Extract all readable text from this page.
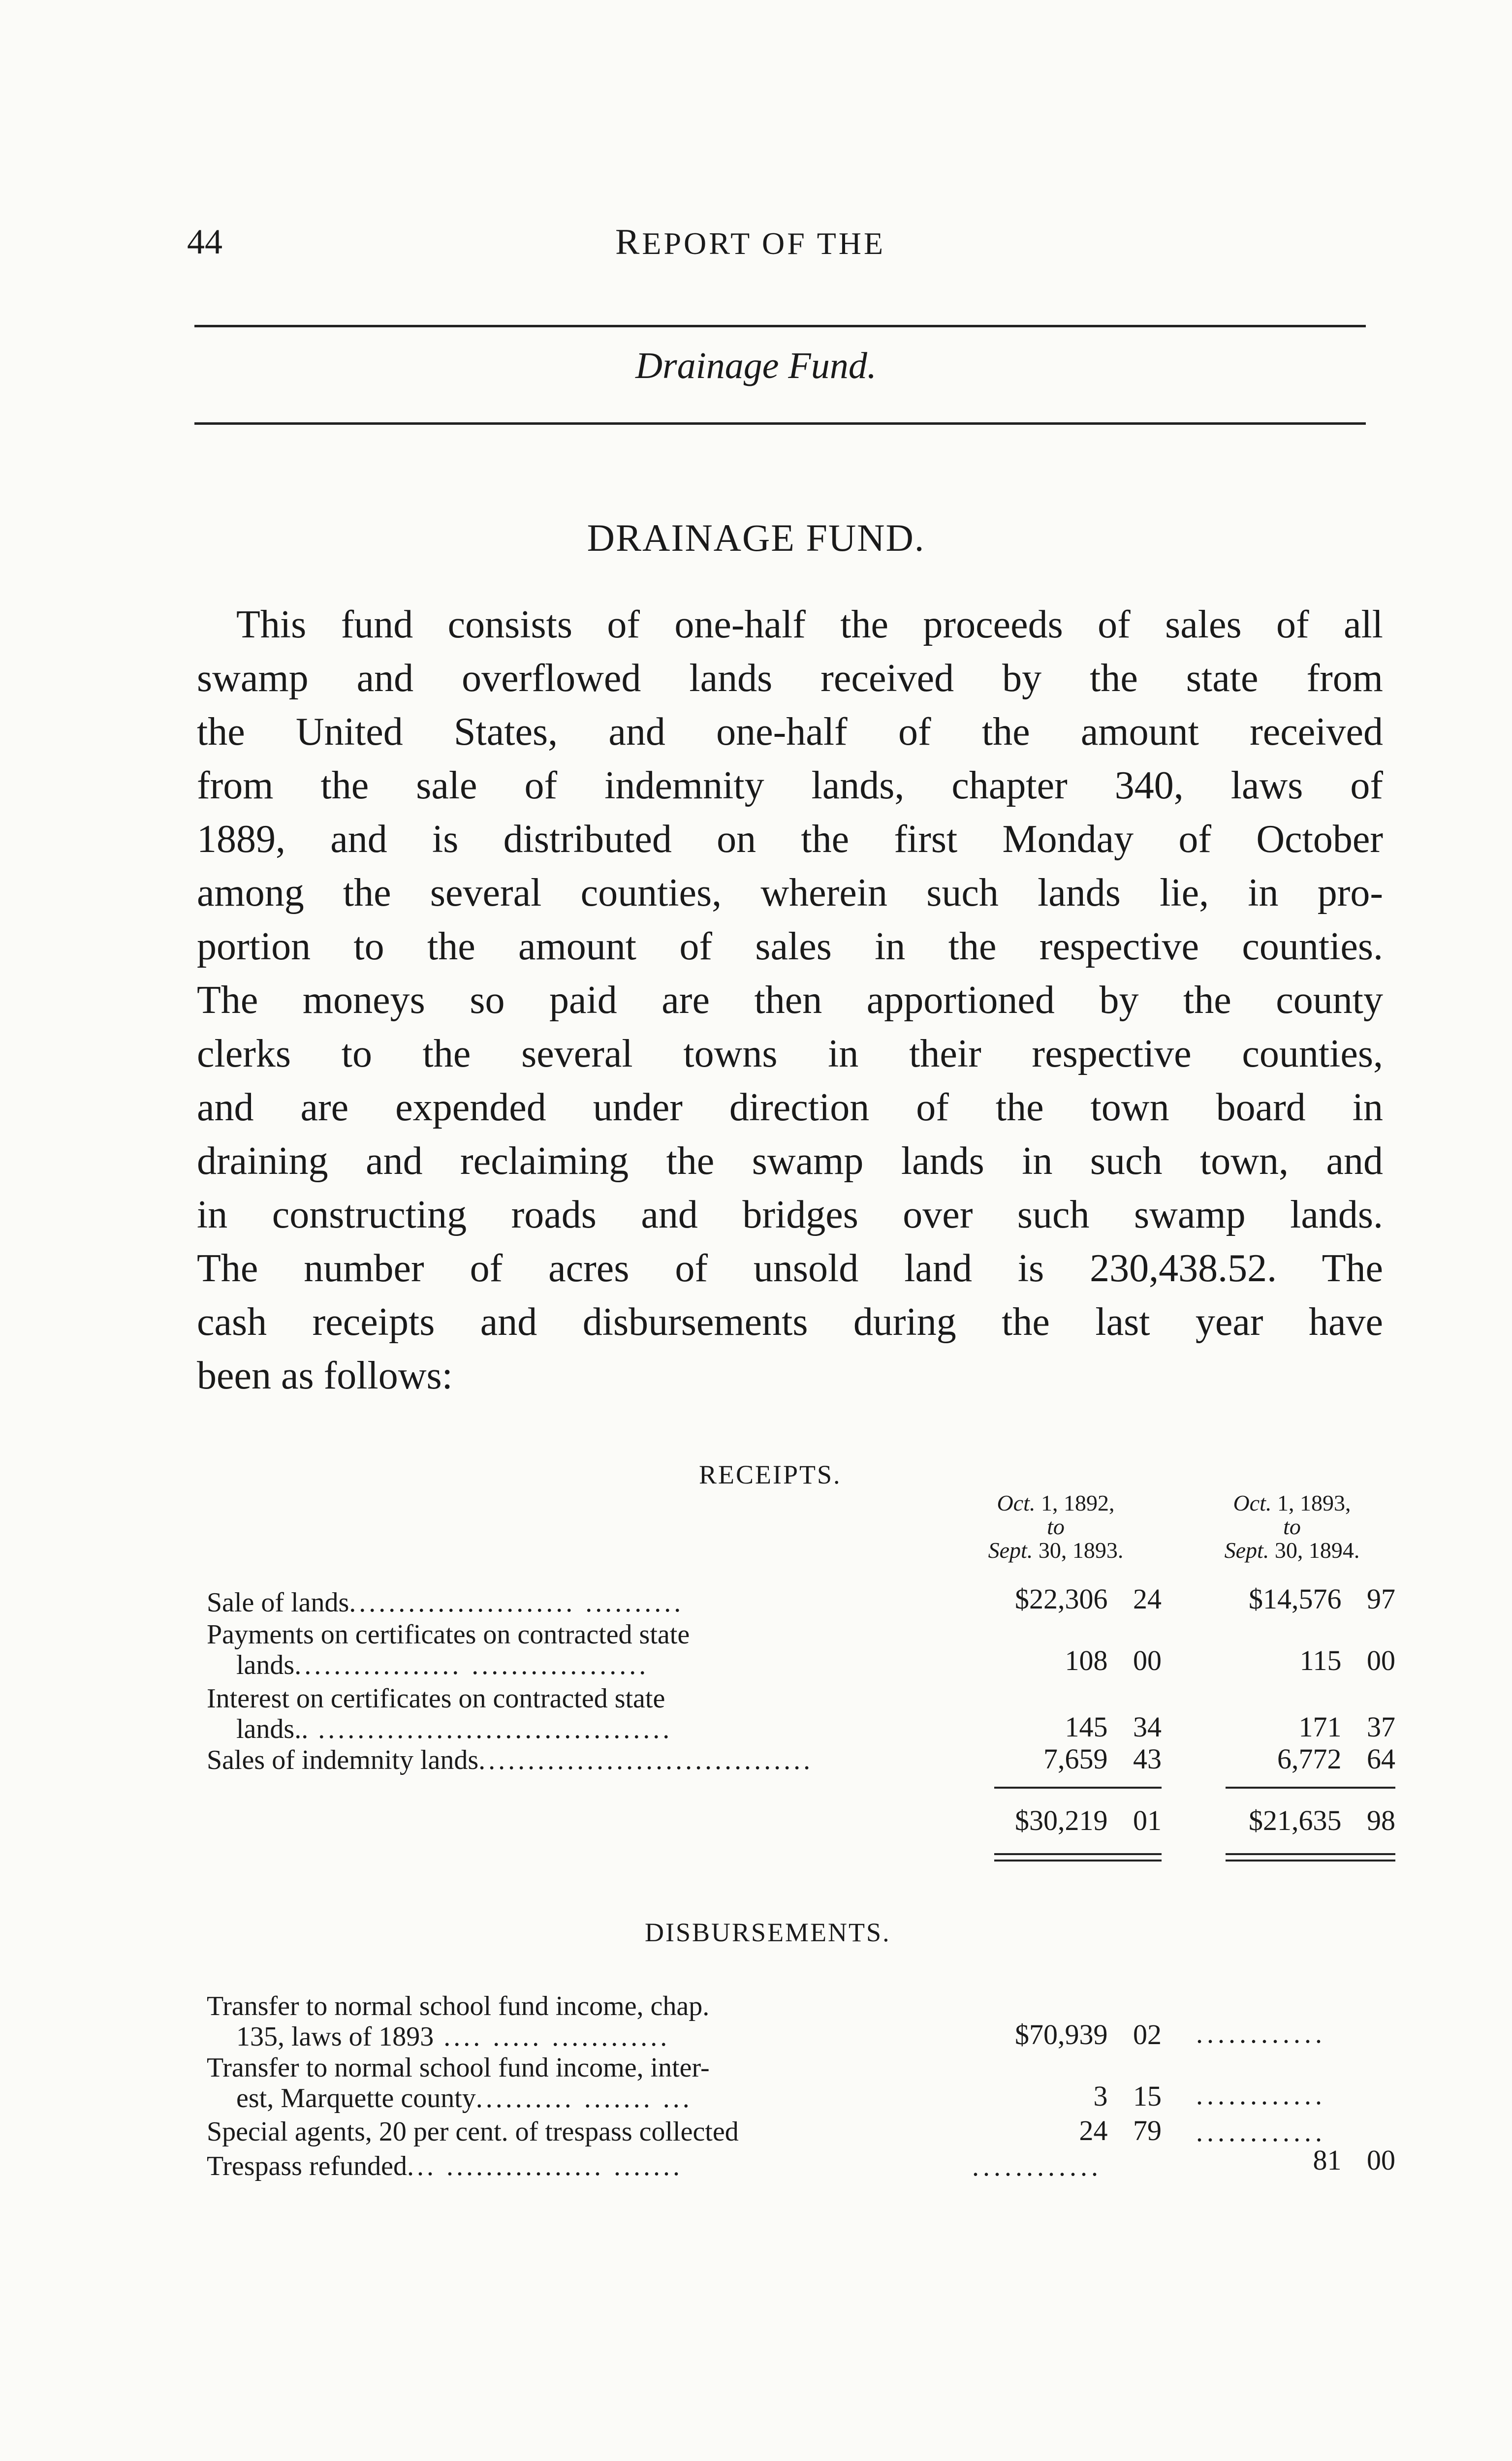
44	REPORT OF THE
Drainage Fund.
DRAINAGE FUND.
This fund consists of one-half the proceeds of sales of all
swamp and overflowed lands received by the state from
the United States, and one-half of the amount received
from the sale of indemnity lands, chapter 340, laws of
1889, and is distributed on the first Monday of October
among the several counties, wherein such lands lie, in pro-
portion to the amount of sales in the respective counties.
The moneys so paid are then apportioned by the county
clerks to the several towns in their respective counties,
and are expended under direction of the town board in
draining and reclaiming the swamp lands in such town, and
in constructing roads and bridges over such swamp lands.
The number of acres of unsold land is 230,438.52. The
cash receipts and disbursements during the last year have
been as follows:
RECEIPTS.
Oct. 1, 1892,
to
Sept. 30, 1893.
Oct. 1, 1893,
to
Sept. 30, 1894.
Sale of lands....................... ..........	$22,306 24	$14,576 97
Payments on certificates on contracted state
lands................. ..................	108 00	115 00
Interest on certificates on contracted state
lands.. ....................................	145 34	171 37
Sales of indemnity lands..................................	7,659 43	6,772 64
$30,219 01	$21,635 98
DISBURSEMENTS.
Transfer to normal school fund income, chap.
135, laws of 1893 .... ..... ............	$70,939 02 ............
Transfer to normal school fund income, inter-
est, Marquette county.......... ....... ...	3 15 ............
Special agents, 20 per cent. of trespass collected	24 79 ............
Trespass refunded... ................ .......	............	81 00
